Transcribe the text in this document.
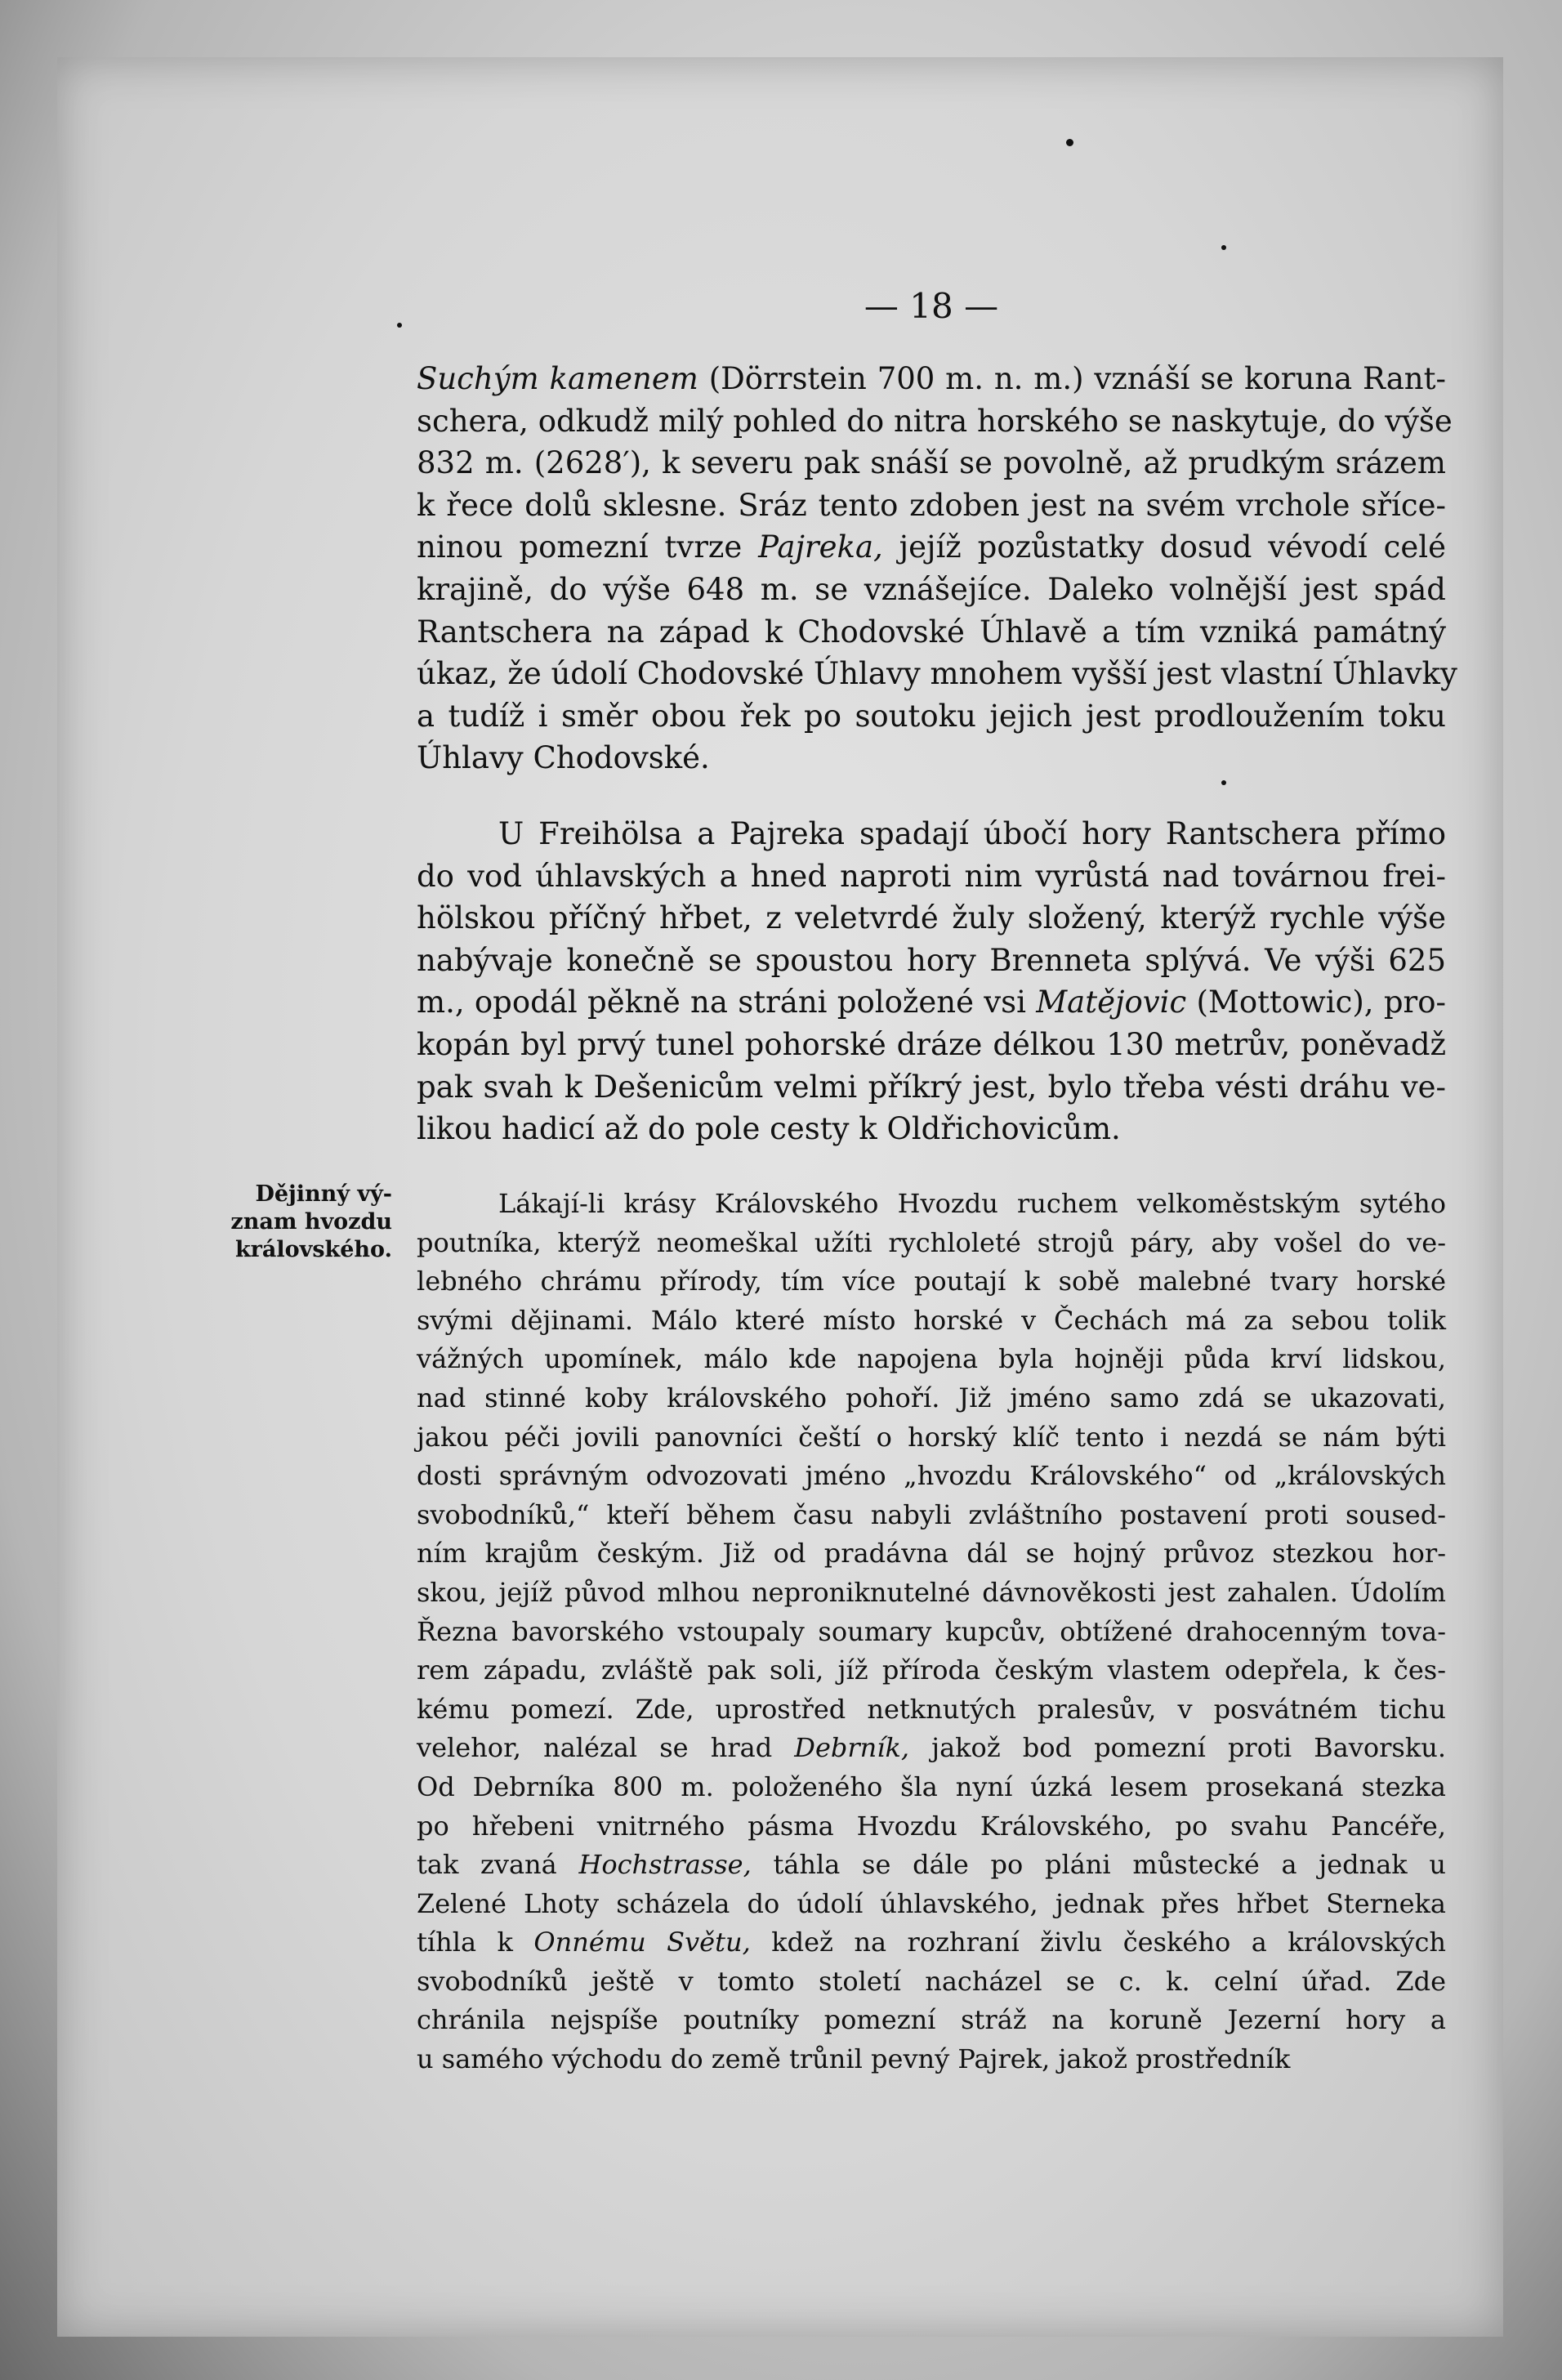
— 18 —
Suchým kamenem (Dörrstein 700 m. n. m.) vznáší se koruna Rant-
schera, odkudž milý pohled do nitra horského se naskytuje, do výše
832 m. (2628′), k severu pak snáší se povolně, až prudkým srázem
k řece dolů sklesne. Sráz tento zdoben jest na svém vrchole sříce-
ninou pomezní tvrze Pajreka, jejíž pozůstatky dosud vévodí celé
krajině, do výše 648 m. se vznášejíce. Daleko volnější jest spád
Rantschera na západ k Chodovské Úhlavě a tím vzniká památný
úkaz, že údolí Chodovské Úhlavy mnohem vyšší jest vlastní Úhlavky
a tudíž i směr obou řek po soutoku jejich jest prodloužením toku
Úhlavy Chodovské.
U Freihölsa a Pajreka spadají úbočí hory Rantschera přímo
do vod úhlavských a hned naproti nim vyrůstá nad továrnou frei-
hölskou příčný hřbet, z veletvrdé žuly složený, kterýž rychle výše
nabývaje konečně se spoustou hory Brenneta splývá. Ve výši 625
m., opodál pěkně na stráni položené vsi Matějovic (Mottowic), pro-
kopán byl prvý tunel pohorské dráze délkou 130 metrův, poněvadž
pak svah k Dešenicům velmi příkrý jest, bylo třeba vésti dráhu ve-
likou hadicí až do pole cesty k Oldřichovicům.
Dějinný vý-
znam hvozdu
královského.
Lákají-li krásy Královského Hvozdu ruchem velkoměstským sytého
poutníka, kterýž neomeškal užíti rychloleté strojů páry, aby vošel do ve-
lebného chrámu přírody, tím více poutají k sobě malebné tvary horské
svými dějinami. Málo které místo horské v Čechách má za sebou tolik
vážných upomínek, málo kde napojena byla hojněji půda krví lidskou,
nad stinné koby královského pohoří. Již jméno samo zdá se ukazovati,
jakou péči jovili panovníci čeští o horský klíč tento i nezdá se nám býti
dosti správným odvozovati jméno „hvozdu Královského“ od „královských
svobodníků,“ kteří během času nabyli zvláštního postavení proti soused-
ním krajům českým. Již od pradávna dál se hojný průvoz stezkou hor-
skou, jejíž původ mlhou neproniknutelné dávnověkosti jest zahalen. Údolím
Řezna bavorského vstoupaly soumary kupcův, obtížené drahocenným tova-
rem západu, zvláště pak soli, jíž příroda českým vlastem odepřela, k čes-
kému pomezí. Zde, uprostřed netknutých pralesův, v posvátném tichu
velehor, nalézal se hrad Debrník, jakož bod pomezní proti Bavorsku.
Od Debrníka 800 m. položeného šla nyní úzká lesem prosekaná stezka
po hřebeni vnitrného pásma Hvozdu Královského, po svahu Pancéře,
tak zvaná Hochstrasse, táhla se dále po pláni můstecké a jednak u
Zelené Lhoty scházela do údolí úhlavského, jednak přes hřbet Sterneka
tíhla k Onnému Světu, kdež na rozhraní živlu českého a královských
svobodníků ještě v tomto století nacházel se c. k. celní úřad. Zde
chránila nejspíše poutníky pomezní stráž na koruně Jezerní hory a
u samého východu do země trůnil pevný Pajrek, jakož prostředník
